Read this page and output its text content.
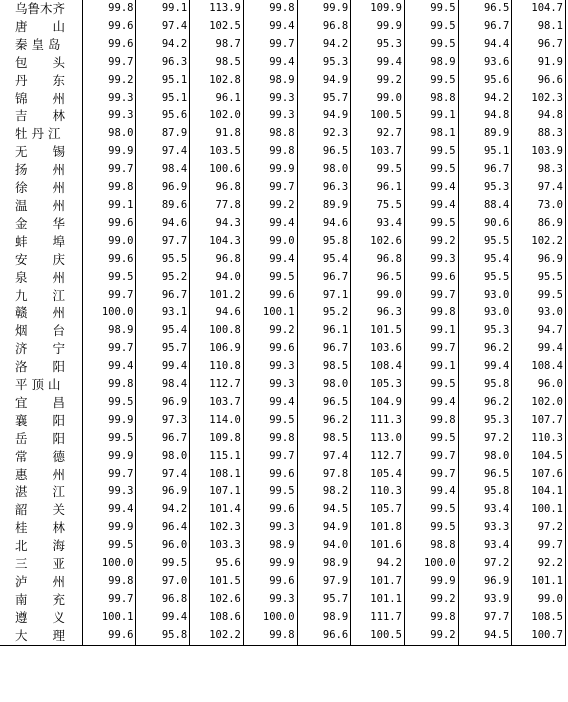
乌鲁木齐	99.8	99.1	113.9	99.8	99.9	109.9	99.5	96.5	104.7
唐　　山	99.6	97.4	102.5	99.4	96.8	99.9	99.5	96.7	98.1
秦 皇 岛	99.6	94.2	98.7	99.7	94.2	95.3	99.5	94.4	96.7
包　　头	99.7	96.3	98.5	99.4	95.3	99.4	98.9	93.6	91.9
丹　　东	99.2	95.1	102.8	98.9	94.9	99.2	99.5	95.6	96.6
锦　　州	99.3	95.1	96.1	99.3	95.7	99.0	98.8	94.2	102.3
吉　　林	99.3	95.6	102.0	99.3	94.9	100.5	99.1	94.8	94.8
牡 丹 江	98.0	87.9	91.8	98.8	92.3	92.7	98.1	89.9	88.3
无　　锡	99.9	97.4	103.5	99.8	96.5	103.7	99.5	95.1	103.9
扬　　州	99.7	98.4	100.6	99.9	98.0	99.5	99.5	96.7	98.3
徐　　州	99.8	96.9	96.8	99.7	96.3	96.1	99.4	95.3	97.4
温　　州	99.1	89.6	77.8	99.2	89.9	75.5	99.4	88.4	73.0
金　　华	99.6	94.6	94.3	99.4	94.6	93.4	99.5	90.6	86.9
蚌　　埠	99.0	97.7	104.3	99.0	95.8	102.6	99.2	95.5	102.2
安　　庆	99.6	95.5	96.8	99.4	95.4	96.8	99.3	95.4	96.9
泉　　州	99.5	95.2	94.0	99.5	96.7	96.5	99.6	95.5	95.5
九　　江	99.7	96.7	101.2	99.6	97.1	99.0	99.7	93.0	99.5
赣　　州	100.0	93.1	94.6	100.1	95.2	96.3	99.8	93.0	93.0
烟　　台	98.9	95.4	100.8	99.2	96.1	101.5	99.1	95.3	94.7
济　　宁	99.7	95.7	106.9	99.6	96.7	103.6	99.7	96.2	99.4
洛　　阳	99.4	99.4	110.8	99.3	98.5	108.4	99.1	99.4	108.4
平 顶 山	99.8	98.4	112.7	99.3	98.0	105.3	99.5	95.8	96.0
宜　　昌	99.5	96.9	103.7	99.4	96.5	104.9	99.4	96.2	102.0
襄　　阳	99.9	97.3	114.0	99.5	96.2	111.3	99.8	95.3	107.7
岳　　阳	99.5	96.7	109.8	99.8	98.5	113.0	99.5	97.2	110.3
常　　德	99.9	98.0	115.1	99.7	97.4	112.7	99.7	98.0	104.5
惠　　州	99.7	97.4	108.1	99.6	97.8	105.4	99.7	96.5	107.6
湛　　江	99.3	96.9	107.1	99.5	98.2	110.3	99.4	95.8	104.1
韶　　关	99.4	94.2	101.4	99.6	94.5	105.7	99.5	93.4	100.1
桂　　林	99.9	96.4	102.3	99.3	94.9	101.8	99.5	93.3	97.2
北　　海	99.5	96.0	103.3	98.9	94.0	101.6	98.8	93.4	99.7
三　　亚	100.0	99.5	95.6	99.9	98.9	94.2	100.0	97.2	92.2
泸　　州	99.8	97.0	101.5	99.6	97.9	101.7	99.9	96.9	101.1
南　　充	99.7	96.8	102.6	99.3	95.7	101.1	99.2	93.9	99.0
遵　　义	100.1	99.4	108.6	100.0	98.9	111.7	99.8	97.7	108.5
大　　理	99.6	95.8	102.2	99.8	96.6	100.5	99.2	94.5	100.7
